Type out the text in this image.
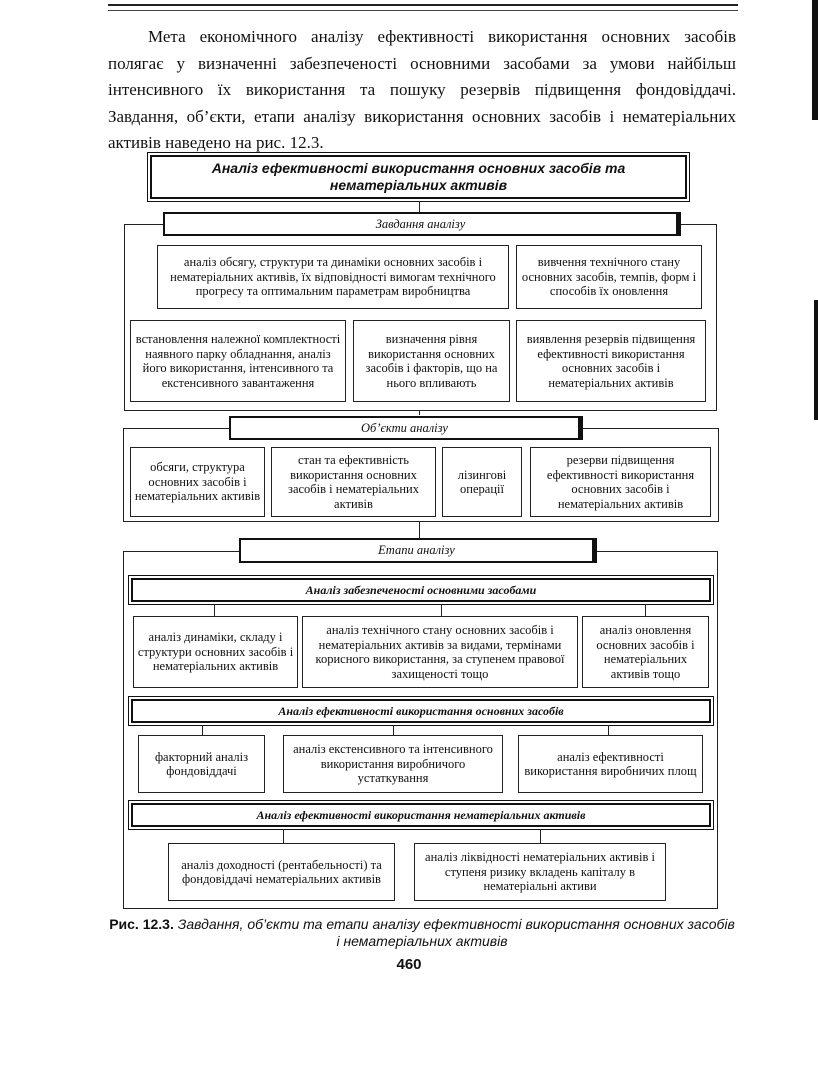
Мета економічного аналізу ефективності використання основних засобів полягає у визначенні забезпеченості основними засобами за умови найбільш інтенсивного їх використання та пошуку резервів підвищення фондовіддачі. Завдання, об’єкти, етапи аналізу використання основних засобів і нематеріальних активів наведено на рис. 12.3.

Аналіз ефективності використання основних засобів та нематеріальних активів
Завдання аналізу
аналіз обсягу, структури та динаміки основних засобів і нематеріальних активів, їх відповідності вимогам технічного прогресу та оптимальним параметрам виробництва
вивчення технічного стану основних засобів, темпів, форм і способів їх оновлення
встановлення належної комплектності наявного парку обладнання, аналіз його використання, інтенсивного та екстенсивного завантаження
визначення рівня використання основних засобів і факторів, що на нього впливають
виявлення резервів підвищення ефективності використання основних засобів і нематеріальних активів
Об’єкти аналізу
обсяги, структура основних засобів і нематеріальних активів
стан та ефективність використання основних засобів і нематеріальних активів
лізингові операції
резерви підвищення ефективності використання основних засобів і нематеріальних активів
Етапи аналізу
Аналіз забезпеченості основними засобами
аналіз динаміки, складу і структури основних засобів і нематеріальних активів
аналіз технічного стану основних засобів і нематеріальних активів за видами, термінами корисного використання, за ступенем правової захищеності тощо
аналіз оновлення основних засобів і нематеріальних активів тощо
Аналіз ефективності використання основних засобів
факторний аналіз фондовіддачі
аналіз екстенсивного та інтенсивного використання виробничого устаткування
аналіз ефективності використання виробничих площ
Аналіз ефективності використання нематеріальних активів
аналіз доходності (рентабельності) та фондовіддачі нематеріальних активів
аналіз ліквідності нематеріальних активів і ступеня ризику вкладень капіталу в нематеріальні активи
Рис. 12.3. Завдання, об’єкти та етапи аналізу ефективності використання основних засобів і нематеріальних активів
460
